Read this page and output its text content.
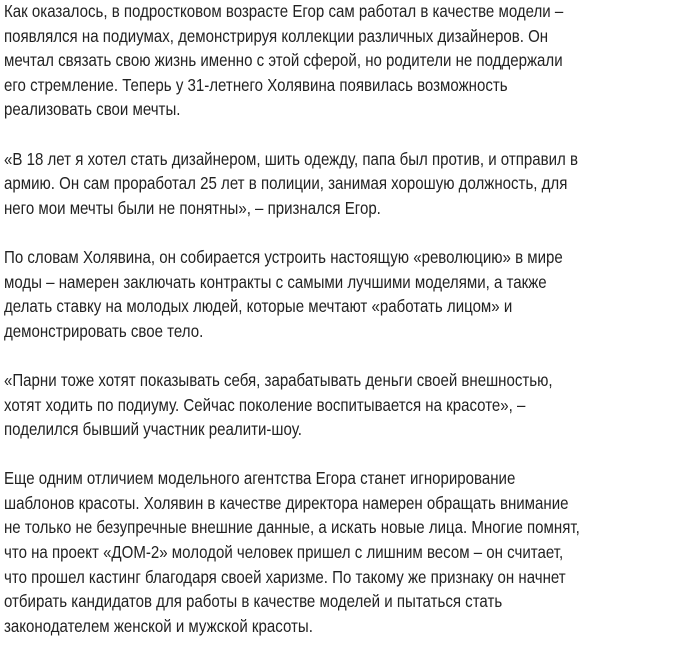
Как оказалось, в подростковом возрасте Егор сам работал в качестве модели –
появлялся на подиумах, демонстрируя коллекции различных дизайнеров. Он
мечтал связать свою жизнь именно с этой сферой, но родители не поддержали
его стремление. Теперь у 31-летнего Холявина появилась возможность
реализовать свои мечты.

«В 18 лет я хотел стать дизайнером, шить одежду, папа был против, и отправил в
армию. Он сам проработал 25 лет в полиции, занимая хорошую должность, для
него мои мечты были не понятны», – признался Егор.

По словам Холявина, он собирается устроить настоящую «революцию» в мире
моды – намерен заключать контракты с самыми лучшими моделями, а также
делать ставку на молодых людей, которые мечтают «работать лицом» и
демонстрировать свое тело.

«Парни тоже хотят показывать себя, зарабатывать деньги своей внешностью,
хотят ходить по подиуму. Сейчас поколение воспитывается на красоте», –
поделился бывший участник реалити-шоу.

Еще одним отличием модельного агентства Егора станет игнорирование
шаблонов красоты. Холявин в качестве директора намерен обращать внимание
не только не безупречные внешние данные, а искать новые лица. Многие помнят,
что на проект «ДОМ-2» молодой человек пришел с лишним весом – он считает,
что прошел кастинг благодаря своей харизме. По такому же признаку он начнет
отбирать кандидатов для работы в качестве моделей и пытаться стать
законодателем женской и мужской красоты.
